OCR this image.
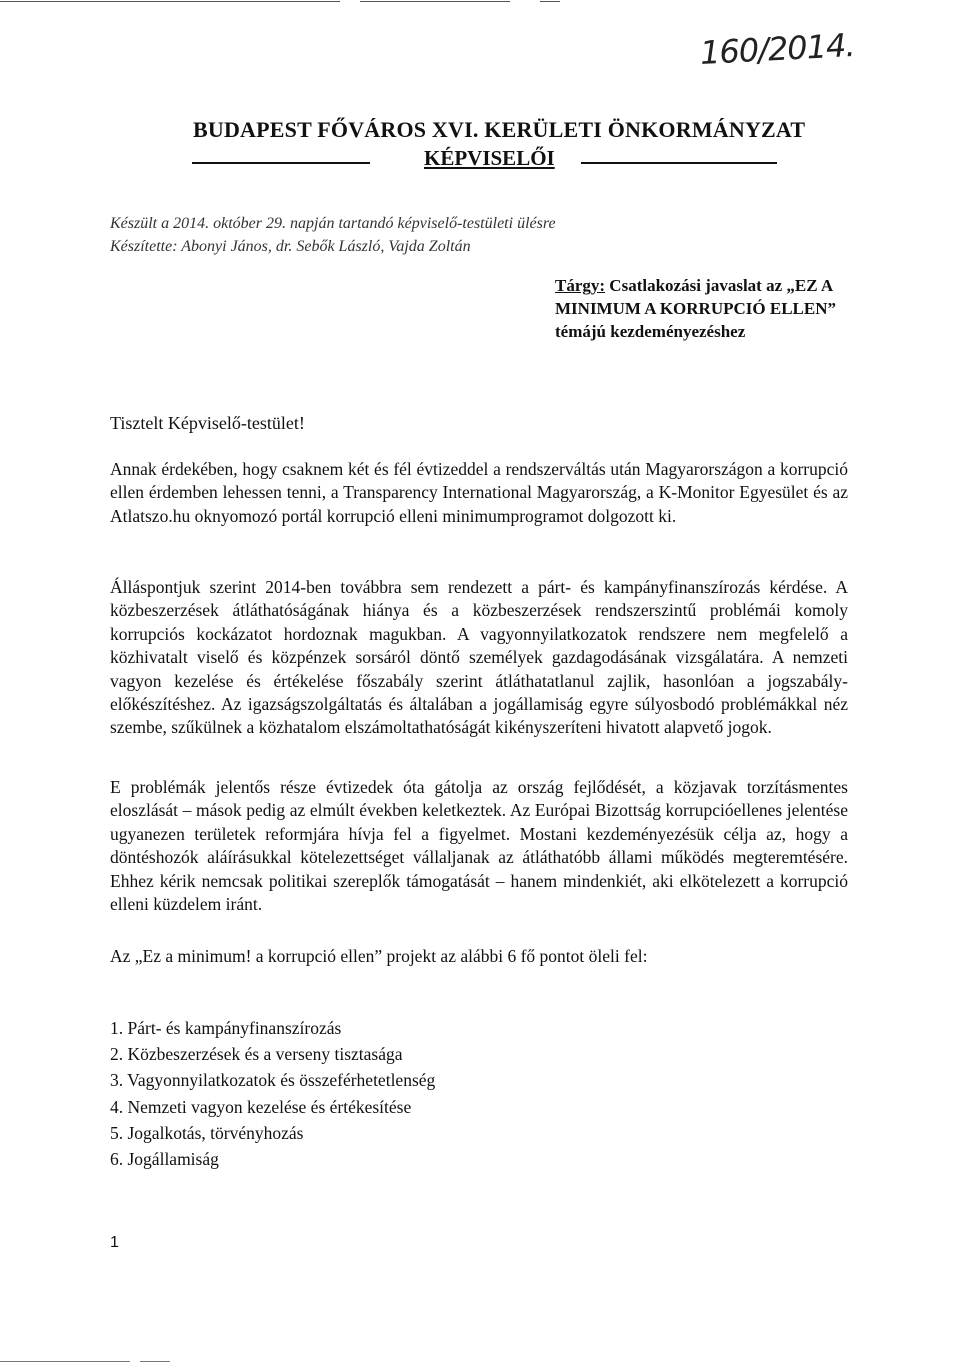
160/2014.
BUDAPEST FŐVÁROS XVI. KERÜLETI ÖNKORMÁNYZAT
KÉPVISELŐI
Készült a 2014. október 29. napján tartandó képviselő-testületi ülésre
Készítette: Abonyi János, dr. Sebők László, Vajda Zoltán
Tárgy: Csatlakozási javaslat az „EZ A MINIMUM A KORRUPCIÓ ELLEN” témájú kezdeményezéshez
Tisztelt Képviselő-testület!

Annak érdekében, hogy csaknem két és fél évtizeddel a rendszerváltás után Magyarországon a korrupció ellen érdemben lehessen tenni, a Transparency International Magyarország, a K-Monitor Egyesület és az Atlatszo.hu oknyomozó portál korrupció elleni minimumprogramot dolgozott ki.

Álláspontjuk szerint 2014-ben továbbra sem rendezett a párt- és kampányfinanszírozás kérdése. A közbeszerzések átláthatóságának hiánya és a közbeszerzések rendszerszintű problémái komoly korrupciós kockázatot hordoznak magukban. A vagyonnyilatkozatok rendszere nem megfelelő a közhivatalt viselő és közpénzek sorsáról döntő személyek gazdagodásának vizsgálatára. A nemzeti vagyon kezelése és értékelése főszabály szerint átláthatatlanul zajlik, hasonlóan a jogszabály-előkészítéshez. Az igazságszolgáltatás és általában a jogállamiság egyre súlyosbodó problémákkal néz szembe, szűkülnek a közhatalom elszámoltathatóságát kikényszeríteni hivatott alapvető jogok.

E problémák jelentős része évtizedek óta gátolja az ország fejlődését, a közjavak torzításmentes eloszlását – mások pedig az elmúlt években keletkeztek. Az Európai Bizottság korrupcióellenes jelentése ugyanezen területek reformjára hívja fel a figyelmet. Mostani kezdeményezésük célja az, hogy a döntéshozók aláírásukkal kötelezettséget vállaljanak az átláthatóbb állami működés megteremtésére. Ehhez kérik nemcsak politikai szereplők támogatását – hanem mindenkiét, aki elkötelezett a korrupció elleni küzdelem iránt.

Az „Ez a minimum! a korrupció ellen” projekt az alábbi 6 fő pontot öleli fel:
1. Párt- és kampányfinanszírozás
2. Közbeszerzések és a verseny tisztasága
3. Vagyonnyilatkozatok és összeférhetetlenség
4. Nemzeti vagyon kezelése és értékesítése
5. Jogalkotás, törvényhozás
6. Jogállamiság
1
